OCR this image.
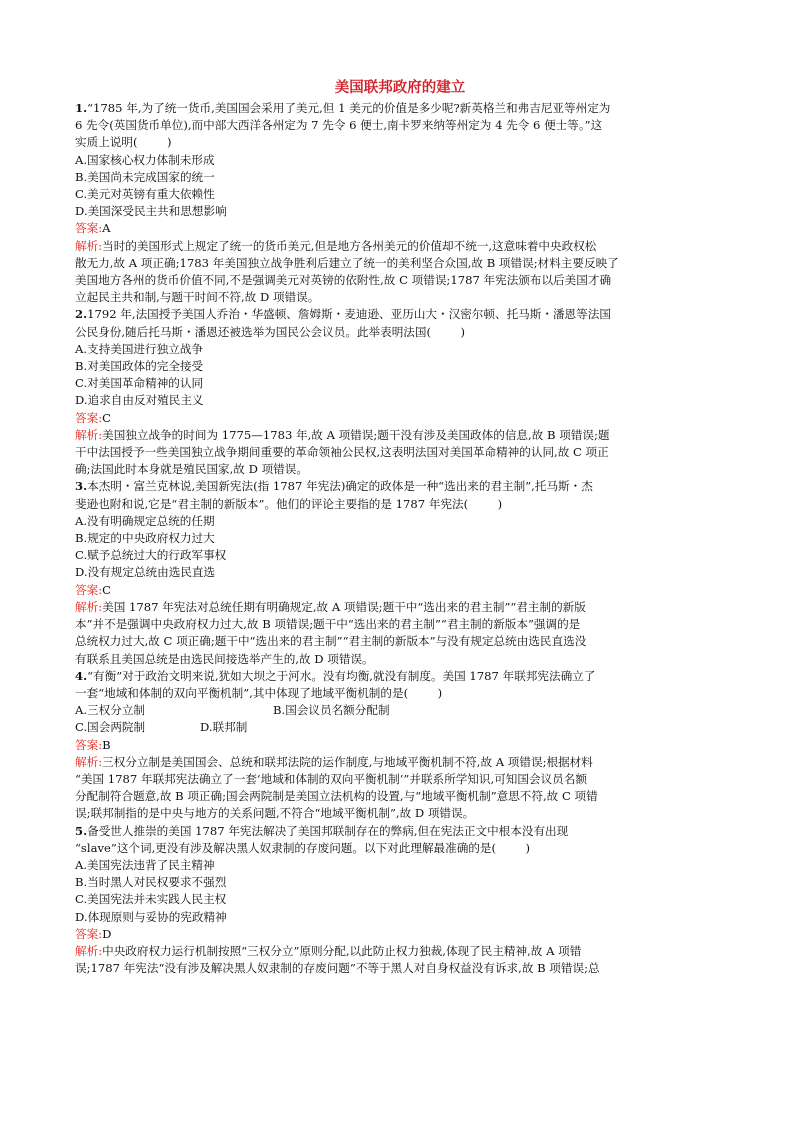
美国联邦政府的建立
1.“1785 年,为了统一货币,美国国会采用了美元,但 1 美元的价值是多少呢?新英格兰和弗吉尼亚等州定为
6 先令(英国货币单位),而中部大西洋各州定为 7 先令 6 便士,南卡罗来纳等州定为 4 先令 6 便士等。”这
实质上说明(        )
A.国家核心权力体制未形成
B.美国尚未完成国家的统一
C.美元对英镑有重大依赖性
D.美国深受民主共和思想影响
答案:A
解析:当时的美国形式上规定了统一的货币美元,但是地方各州美元的价值却不统一,这意味着中央政权松
散无力,故 A 项正确;1783 年美国独立战争胜利后建立了统一的美利坚合众国,故 B 项错误;材料主要反映了
美国地方各州的货币价值不同,不是强调美元对英镑的依附性,故 C 项错误;1787 年宪法颁布以后美国才确
立起民主共和制,与题干时间不符,故 D 项错误。
2.1792 年,法国授予美国人乔治・华盛顿、詹姆斯・麦迪逊、亚历山大・汉密尔顿、托马斯・潘恩等法国
公民身份,随后托马斯・潘恩还被选举为国民公会议员。此举表明法国(        )
A.支持美国进行独立战争
B.对美国政体的完全接受
C.对美国革命精神的认同
D.追求自由反对殖民主义
答案:C
解析:美国独立战争的时间为 1775—1783 年,故 A 项错误;题干没有涉及美国政体的信息,故 B 项错误;题
干中法国授予一些美国独立战争期间重要的革命领袖公民权,这表明法国对美国革命精神的认同,故 C 项正
确;法国此时本身就是殖民国家,故 D 项错误。
3.本杰明・富兰克林说,美国新宪法(指 1787 年宪法)确定的政体是一种“选出来的君主制”,托马斯・杰
斐逊也附和说,它是“君主制的新版本”。他们的评论主要指的是 1787 年宪法(        )
A.没有明确规定总统的任期
B.规定的中央政府权力过大
C.赋予总统过大的行政军事权
D.没有规定总统由选民直选
答案:C
解析:美国 1787 年宪法对总统任期有明确规定,故 A 项错误;题干中“选出来的君主制”“君主制的新版
本”并不是强调中央政府权力过大,故 B 项错误;题干中“选出来的君主制”“君主制的新版本”强调的是
总统权力过大,故 C 项正确;题干中“选出来的君主制”“君主制的新版本”与没有规定总统由选民直选没
有联系且美国总统是由选民间接选举产生的,故 D 项错误。
4.“有衡”对于政治文明来说,犹如大坝之于河水。没有均衡,就没有制度。美国 1787 年联邦宪法确立了
一套“地域和体制的双向平衡机制”,其中体现了地域平衡机制的是(        )
A.三权分立制	B.国会议员名额分配制
C.国会两院制	D.联邦制
答案:B
解析:三权分立制是美国国会、总统和联邦法院的运作制度,与地域平衡机制不符,故 A 项错误;根据材料
“美国 1787 年联邦宪法确立了一套‘地域和体制的双向平衡机制’”并联系所学知识,可知国会议员名额
分配制符合题意,故 B 项正确;国会两院制是美国立法机构的设置,与“地域平衡机制”意思不符,故 C 项错
误;联邦制指的是中央与地方的关系问题,不符合“地域平衡机制”,故 D 项错误。
5.备受世人推崇的美国 1787 年宪法解决了美国邦联制存在的弊病,但在宪法正文中根本没有出现
“slave”这个词,更没有涉及解决黑人奴隶制的存废问题。以下对此理解最准确的是(        )
A.美国宪法违背了民主精神
B.当时黑人对民权要求不强烈
C.美国宪法并未实践人民主权
D.体现原则与妥协的宪政精神
答案:D
解析:中央政府权力运行机制按照“三权分立”原则分配,以此防止权力独裁,体现了民主精神,故 A 项错
误;1787 年宪法“没有涉及解决黑人奴隶制的存废问题”不等于黑人对自身权益没有诉求,故 B 项错误;总
